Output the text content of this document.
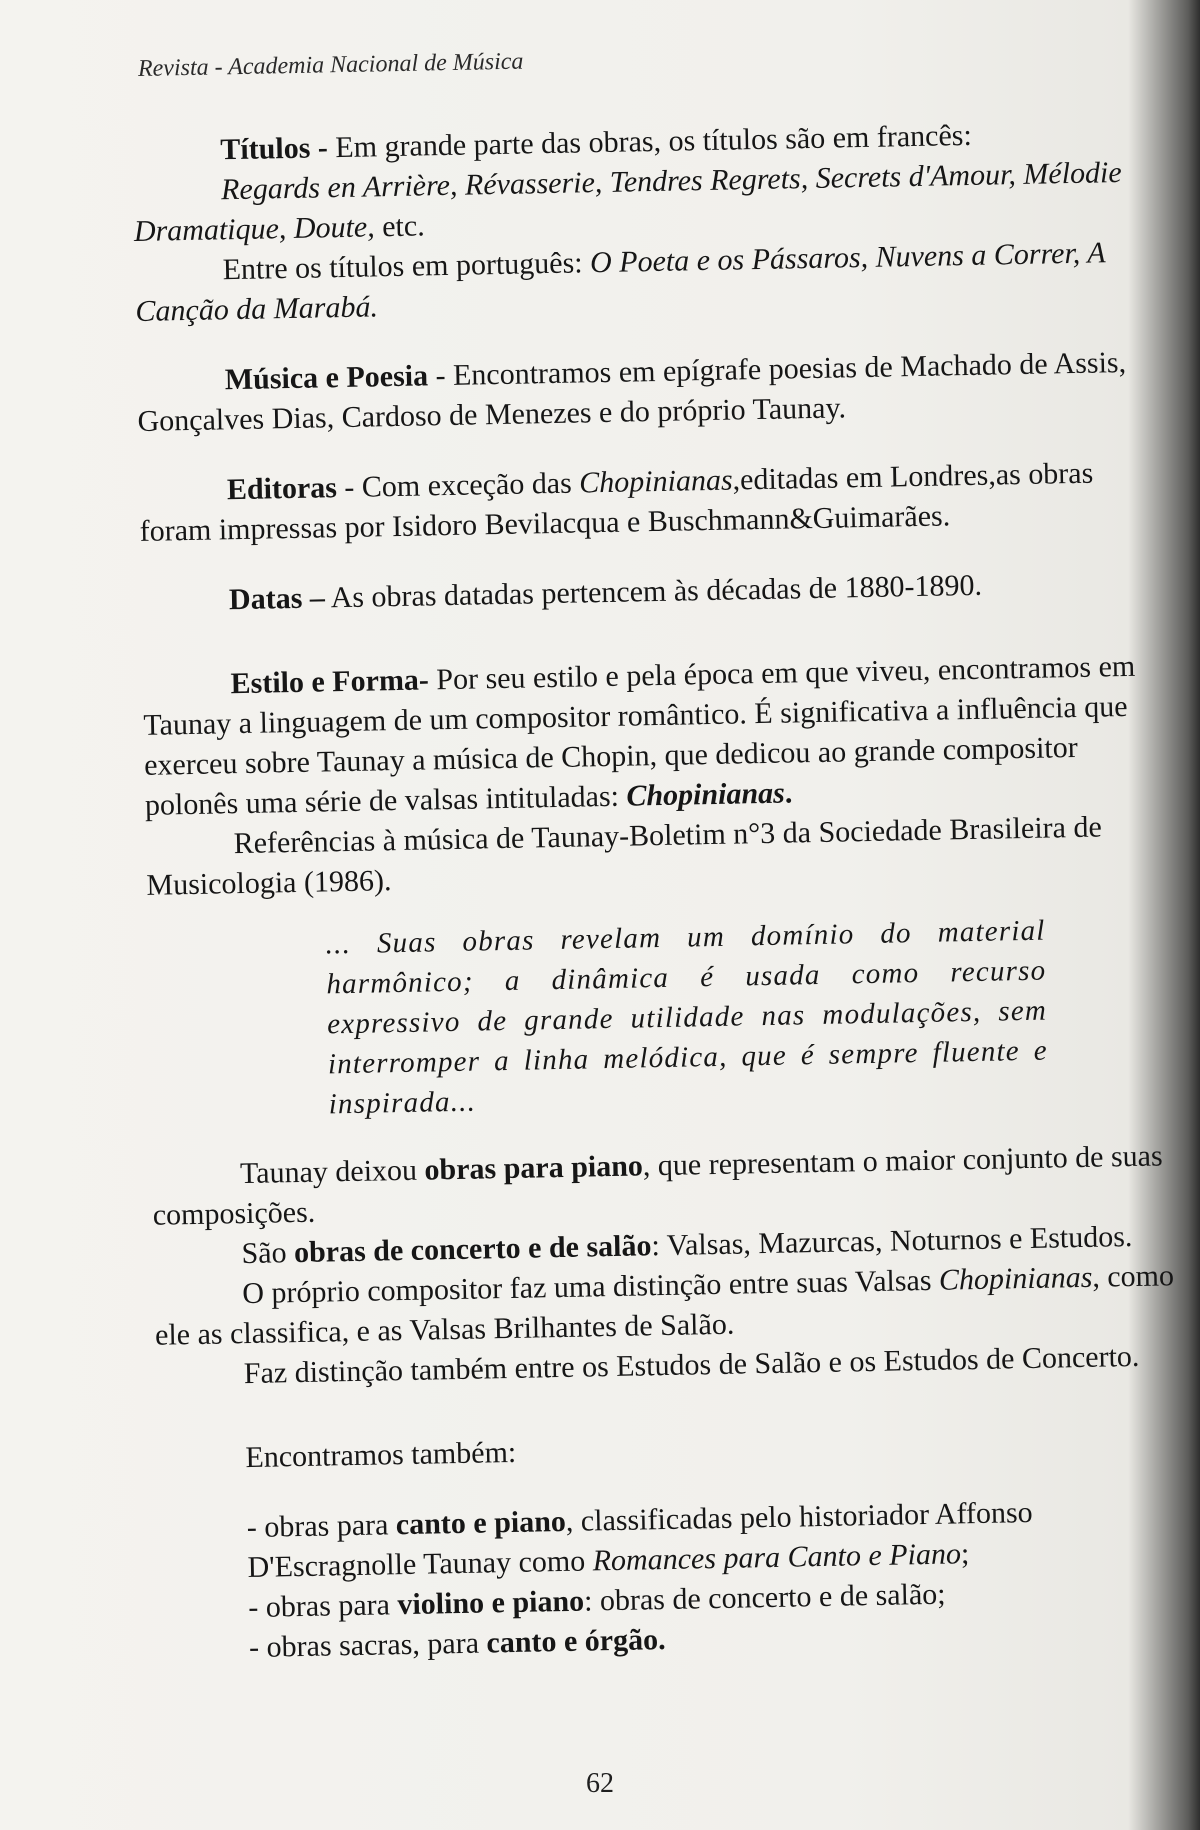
Revista - Academia Nacional de Música

Títulos - Em grande parte das obras, os títulos são em francês:
Regards en Arrière, Révasserie, Tendres Regrets, Secrets d'Amour, Mélodie Dramatique, Doute, etc.

Entre os títulos em português: O Poeta e os Pássaros, Nuvens a Correr, A Canção da Marabá.

Música e Poesia - Encontramos em epígrafe poesias de Machado de Assis, Gonçalves Dias, Cardoso de Menezes e do próprio Taunay.

Editoras - Com exceção das Chopinianas,editadas em Londres,as obras foram impressas por Isidoro Bevilacqua e Buschmann&Guimarães.

Datas – As obras datadas pertencem às décadas de 1880-1890.

Estilo e Forma- Por seu estilo e pela época em que viveu, encontramos em Taunay a linguagem de um compositor romântico. É significativa a influência que exerceu sobre Taunay a música de Chopin, que dedicou ao grande compositor polonês uma série de valsas intituladas: Chopinianas.

Referências à música de Taunay-Boletim n°3 da Sociedade Brasileira de Musicologia (1986).

... Suas obras revelam um domínio do material harmônico; a dinâmica é usada como recurso expressivo de grande utilidade nas modulações, sem interromper a linha melódica, que é sempre fluente e inspirada...

Taunay deixou obras para piano, que representam o maior conjunto de suas composições.

São obras de concerto e de salão: Valsas, Mazurcas, Noturnos e Estudos.

O próprio compositor faz uma distinção entre suas Valsas Chopinianas, como ele as classifica, e as Valsas Brilhantes de Salão.

Faz distinção também entre os Estudos de Salão e os Estudos de Concerto.

Encontramos também:

- obras para canto e piano, classificadas pelo historiador Affonso D'Escragnolle Taunay como Romances para Canto e Piano;

- obras para violino e piano: obras de concerto e de salão;

- obras sacras, para canto e órgão.

62
